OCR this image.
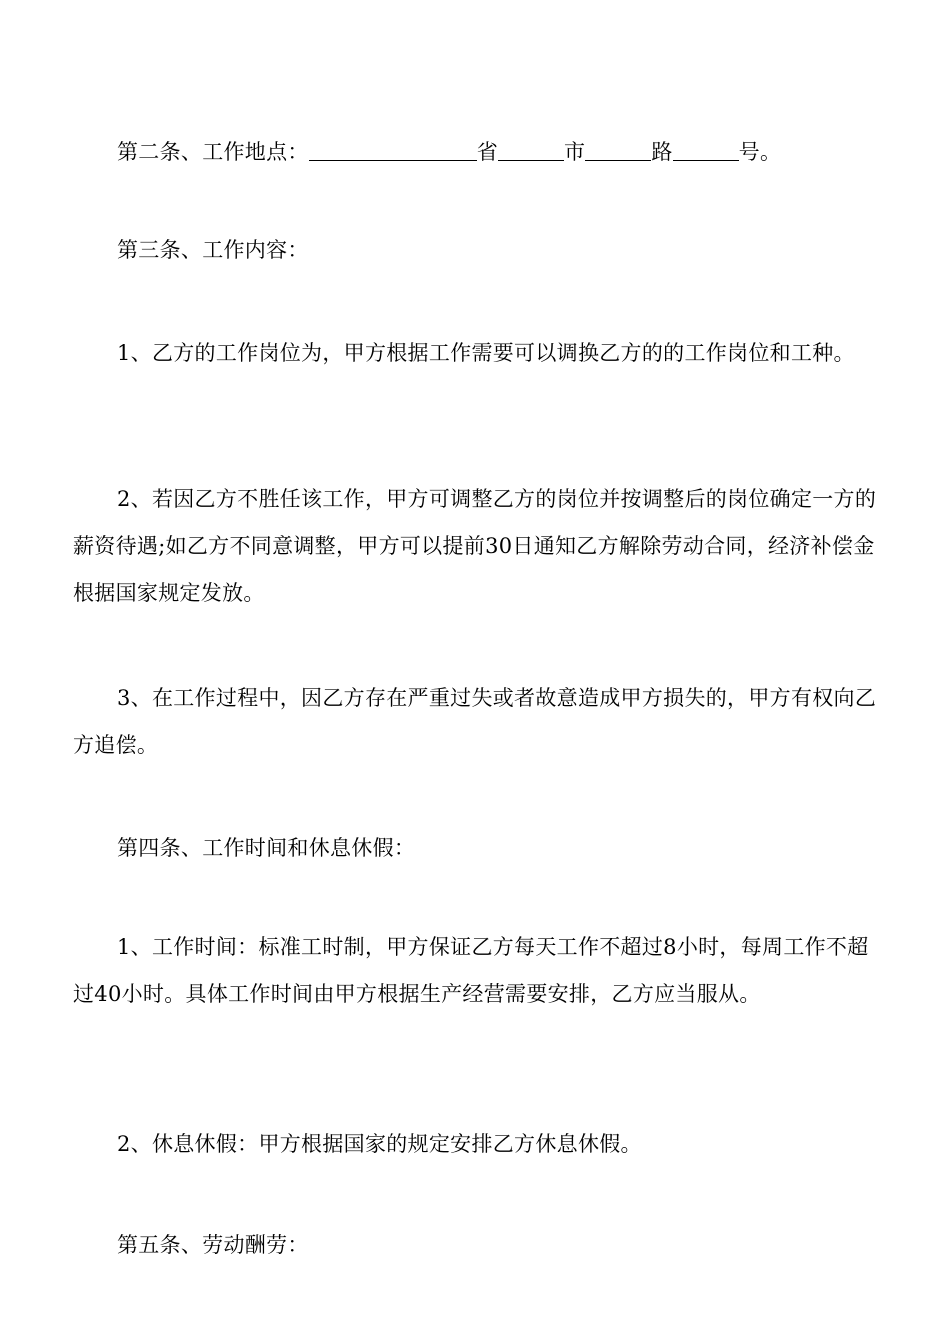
第二条、工作地点：	省	市	路	号。

第三条、工作内容：

1、乙方的工作岗位为，甲方根据工作需要可以调换乙方的的工作岗位和工种。

2、若因乙方不胜任该工作，甲方可调整乙方的岗位并按调整后的岗位确定一方的薪资待遇;如乙方不同意调整，甲方可以提前30日通知乙方解除劳动合同，经济补偿金根据国家规定发放。

3、在工作过程中，因乙方存在严重过失或者故意造成甲方损失的，甲方有权向乙方追偿。

第四条、工作时间和休息休假：

1、工作时间：标准工时制，甲方保证乙方每天工作不超过8小时，每周工作不超过40小时。具体工作时间由甲方根据生产经营需要安排，乙方应当服从。

2、休息休假：甲方根据国家的规定安排乙方休息休假。

第五条、劳动酬劳：
